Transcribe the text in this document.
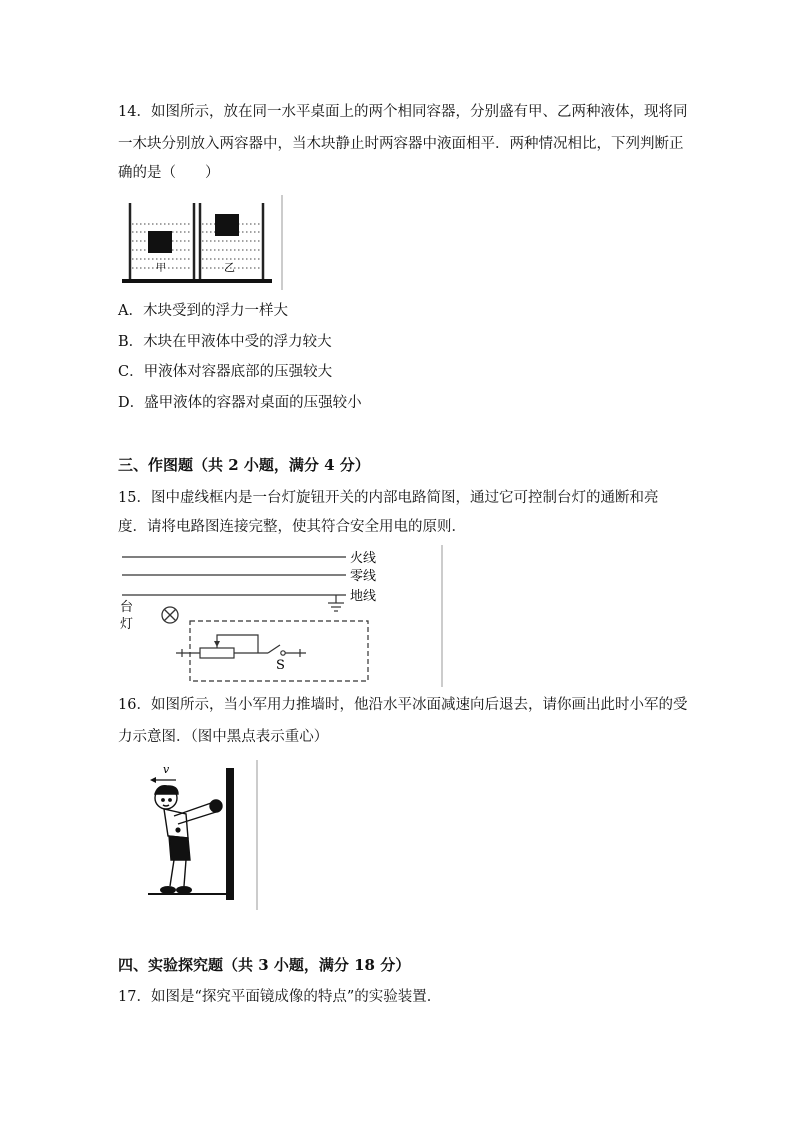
14．如图所示，放在同一水平桌面上的两个相同容器，分别盛有甲、乙两种液体，现将同
一木块分别放入两容器中，当木块静止时两容器中液面相平．两种情况相比，下列判断正
确的是（　　）
甲	乙
A．木块受到的浮力一样大
B．木块在甲液体中受的浮力较大
C．甲液体对容器底部的压强较大
D．盛甲液体的容器对桌面的压强较小
三、作图题（共 2 小题，满分 4 分）
15．图中虚线框内是一台灯旋钮开关的内部电路简图，通过它可控制台灯的通断和亮
度．请将电路图连接完整，使其符合安全用电的原则．
火线
零线
地线
台
灯
S
16．如图所示，当小军用力推墙时，他沿水平冰面减速向后退去，请你画出此时小军的受
力示意图．（图中黑点表示重心）
v
四、实验探究题（共 3 小题，满分 18 分）
17．如图是“探究平面镜成像的特点”的实验装置．
